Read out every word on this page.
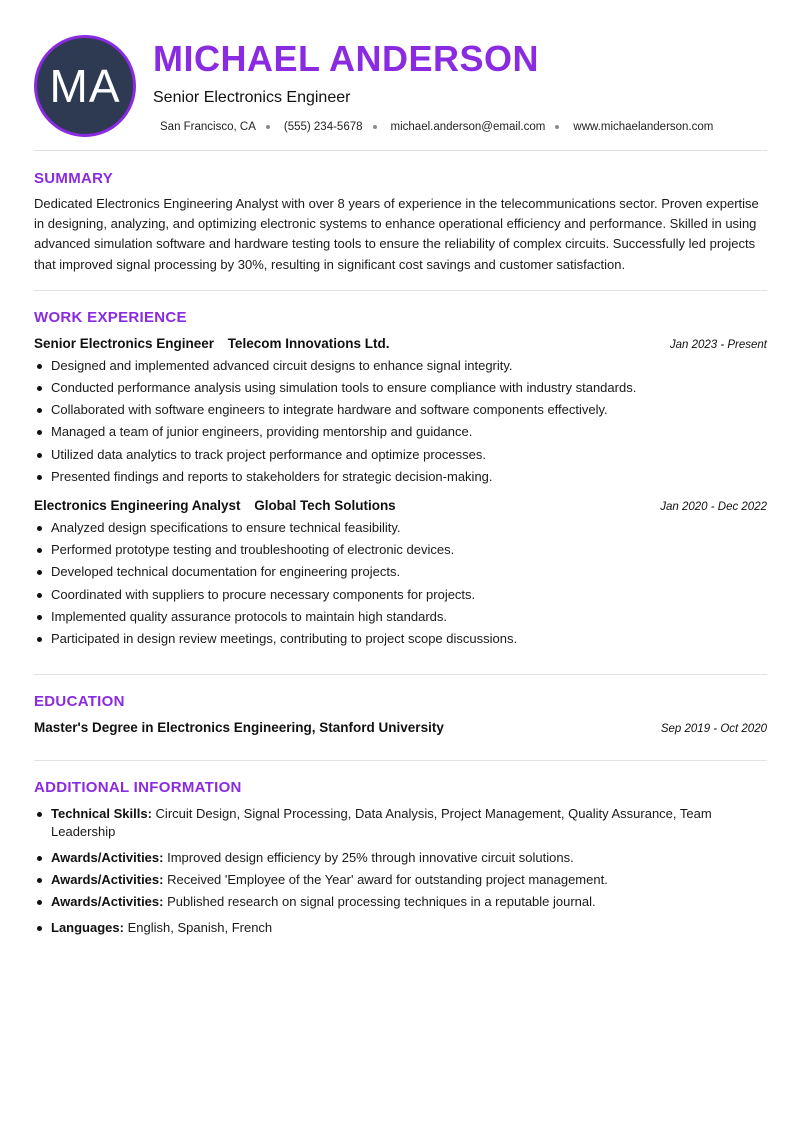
MA
MICHAEL ANDERSON
Senior Electronics Engineer
San Francisco, CA (555) 234-5678 michael.anderson@email.com www.michaelanderson.com
SUMMARY

Dedicated Electronics Engineering Analyst with over 8 years of experience in the telecommunications sector. Proven expertise in designing, analyzing, and optimizing electronic systems to enhance operational efficiency and performance. Skilled in using advanced simulation software and hardware testing tools to ensure the reliability of complex circuits. Successfully led projects that improved signal processing by 30%, resulting in significant cost savings and customer satisfaction.

WORK EXPERIENCE
Senior Electronics Engineer Telecom Innovations Ltd.	Jan 2023 - Present
Designed and implemented advanced circuit designs to enhance signal integrity.
Conducted performance analysis using simulation tools to ensure compliance with industry standards.
Collaborated with software engineers to integrate hardware and software components effectively.
Managed a team of junior engineers, providing mentorship and guidance.
Utilized data analytics to track project performance and optimize processes.
Presented findings and reports to stakeholders for strategic decision-making.
Electronics Engineering Analyst Global Tech Solutions	Jan 2020 - Dec 2022
Analyzed design specifications to ensure technical feasibility.
Performed prototype testing and troubleshooting of electronic devices.
Developed technical documentation for engineering projects.
Coordinated with suppliers to procure necessary components for projects.
Implemented quality assurance protocols to maintain high standards.
Participated in design review meetings, contributing to project scope discussions.
EDUCATION
Master's Degree in Electronics Engineering, Stanford University	Sep 2019 - Oct 2020
ADDITIONAL INFORMATION
Technical Skills: Circuit Design, Signal Processing, Data Analysis, Project Management, Quality Assurance, Team Leadership
Awards/Activities: Improved design efficiency by 25% through innovative circuit solutions.
Awards/Activities: Received 'Employee of the Year' award for outstanding project management.
Awards/Activities: Published research on signal processing techniques in a reputable journal.
Languages: English , Spanish , French
